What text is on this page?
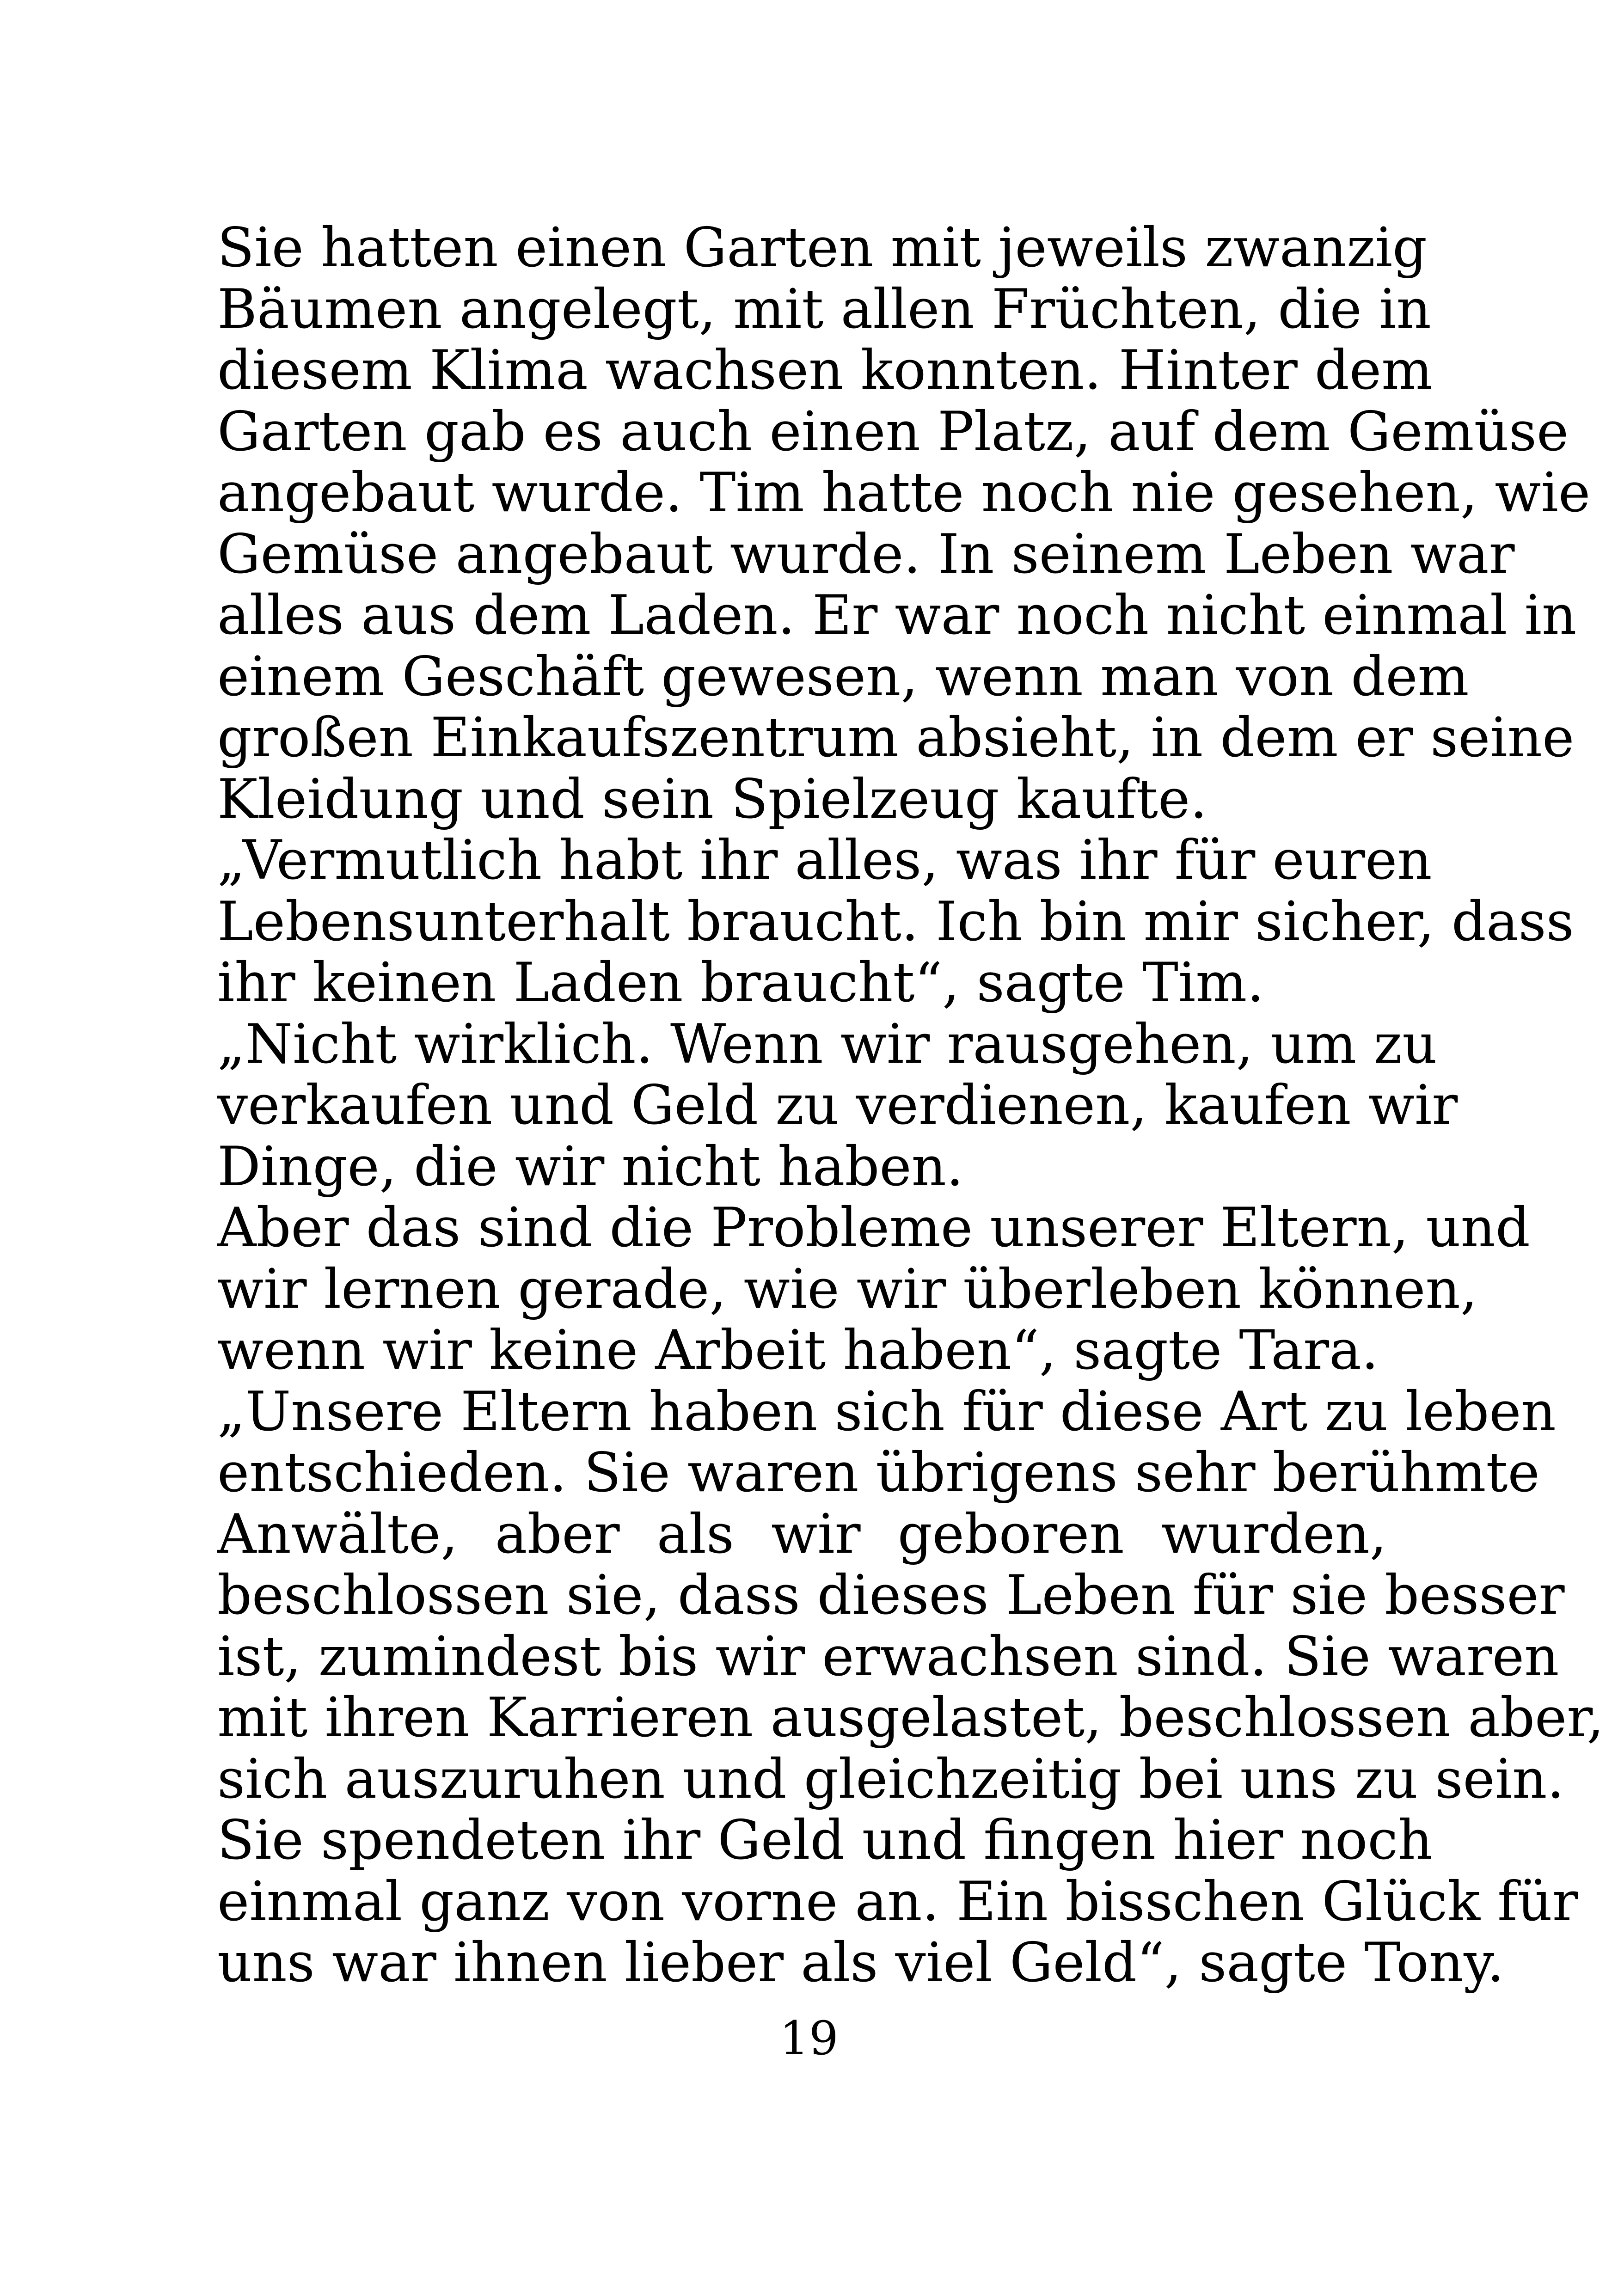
Sie hatten einen Garten mit jeweils zwanzig
Bäumen angelegt, mit allen Früchten, die in
diesem Klima wachsen konnten. Hinter dem
Garten gab es auch einen Platz, auf dem Gemüse
angebaut wurde. Tim hatte noch nie gesehen, wie
Gemüse angebaut wurde. In seinem Leben war
alles aus dem Laden. Er war noch nicht einmal in
einem Geschäft gewesen, wenn man von dem
großen Einkaufszentrum absieht, in dem er seine
Kleidung und sein Spielzeug kaufte.
„Vermutlich habt ihr alles, was ihr für euren
Lebensunterhalt braucht. Ich bin mir sicher, dass
ihr keinen Laden braucht“, sagte Tim.
„Nicht wirklich. Wenn wir rausgehen, um zu
verkaufen und Geld zu verdienen, kaufen wir
Dinge, die wir nicht haben.
Aber das sind die Probleme unserer Eltern, und
wir lernen gerade, wie wir überleben können,
wenn wir keine Arbeit haben“, sagte Tara.
„Unsere Eltern haben sich für diese Art zu leben
entschieden. Sie waren übrigens sehr berühmte
Anwälte, aber als wir geboren wurden,
beschlossen sie, dass dieses Leben für sie besser
ist, zumindest bis wir erwachsen sind. Sie waren
mit ihren Karrieren ausgelastet, beschlossen aber,
sich auszuruhen und gleichzeitig bei uns zu sein.
Sie spendeten ihr Geld und fingen hier noch
einmal ganz von vorne an. Ein bisschen Glück für
uns war ihnen lieber als viel Geld“, sagte Tony.
19
